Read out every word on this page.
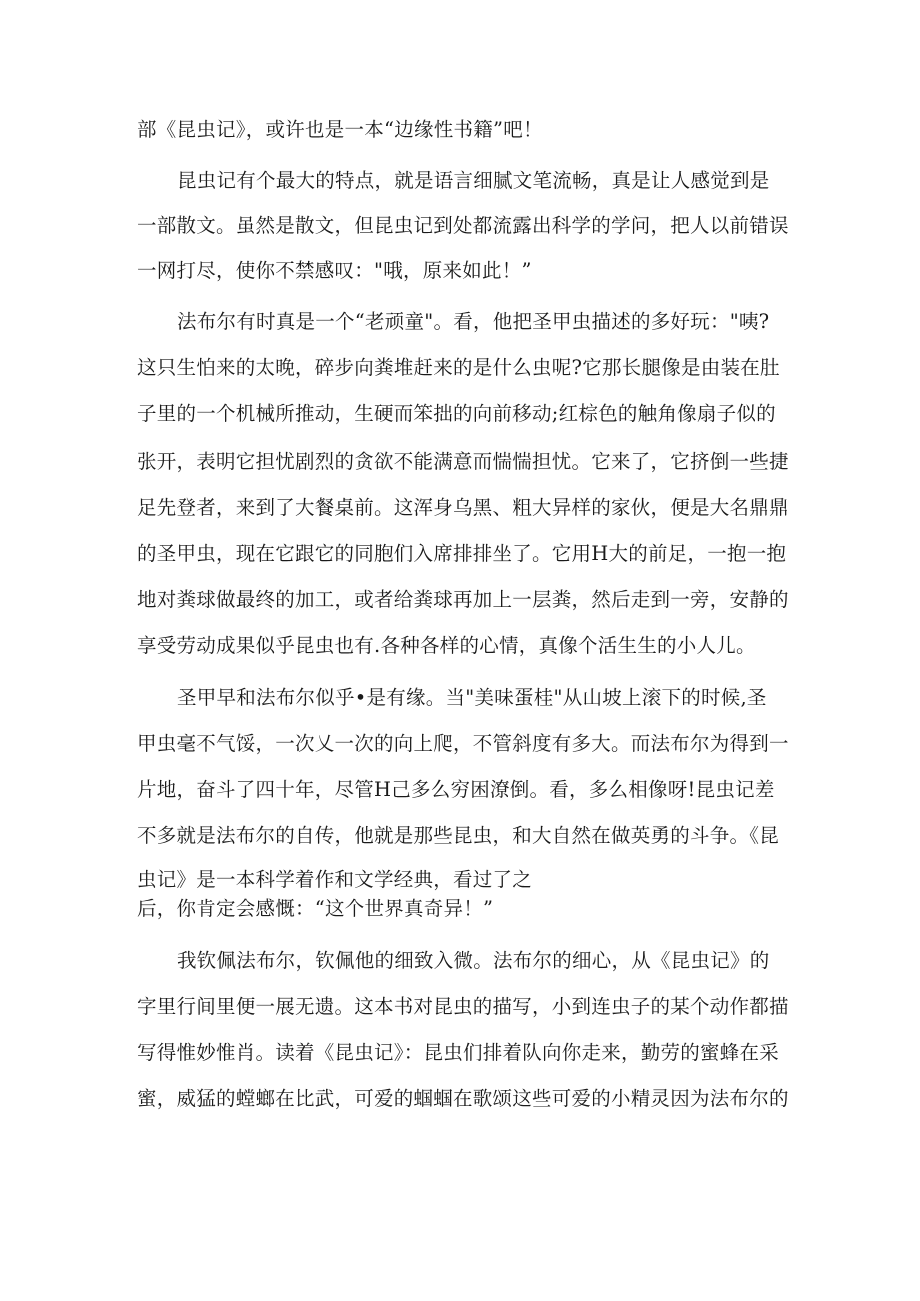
部《昆虫记》，或许也是一本“边缘性书籍”吧！
昆虫记有个最大的特点，就是语言细腻文笔流畅，真是让人感觉到是
一部散文。虽然是散文，但昆虫记到处都流露出科学的学问，把人以前错误
一网打尽，使你不禁感叹："哦，原来如此！”
法布尔有时真是一个“老顽童"。看，他把圣甲虫描述的多好玩："咦?
这只生怕来的太晚，碎步向粪堆赶来的是什么虫呢?它那长腿像是由装在肚
子里的一个机械所推动，生硬而笨拙的向前移动;红棕色的触角像扇子似的
张开，表明它担忧剧烈的贪欲不能满意而惴惴担忧。它来了，它挤倒一些捷
足先登者，来到了大餐桌前。这浑身乌黑、粗大异样的家伙，便是大名鼎鼎
的圣甲虫，现在它跟它的同胞们入席排排坐了。它用H大的前足，一抱一抱
地对粪球做最终的加工，或者给粪球再加上一层粪，然后走到一旁，安静的
享受劳动成果似乎昆虫也有.各种各样的心情，真像个活生生的小人儿。
圣甲早和法布尔似乎•是有缘。当"美味蛋桂"从山坡上滚下的时候,圣
甲虫毫不气馁，一次乂一次的向上爬，不管斜度有多大。而法布尔为得到一
片地，奋斗了四十年，尽管H己多么穷困潦倒。看，多么相像呀!昆虫记差
不多就是法布尔的自传，他就是那些昆虫，和大自然在做英勇的斗争。《昆
虫记》是一本科学着作和文学经典，看过了之
后，你肯定会感慨：“这个世界真奇异！”
我钦佩法布尔，钦佩他的细致入微。法布尔的细心，从《昆虫记》的
字里行间里便一展无遗。这本书对昆虫的描写，小到连虫子的某个动作都描
写得惟妙惟肖。读着《昆虫记》：昆虫们排着队向你走来，勤劳的蜜蜂在采
蜜，威猛的螳螂在比武，可爱的蝈蝈在歌颂这些可爱的小精灵因为法布尔的
